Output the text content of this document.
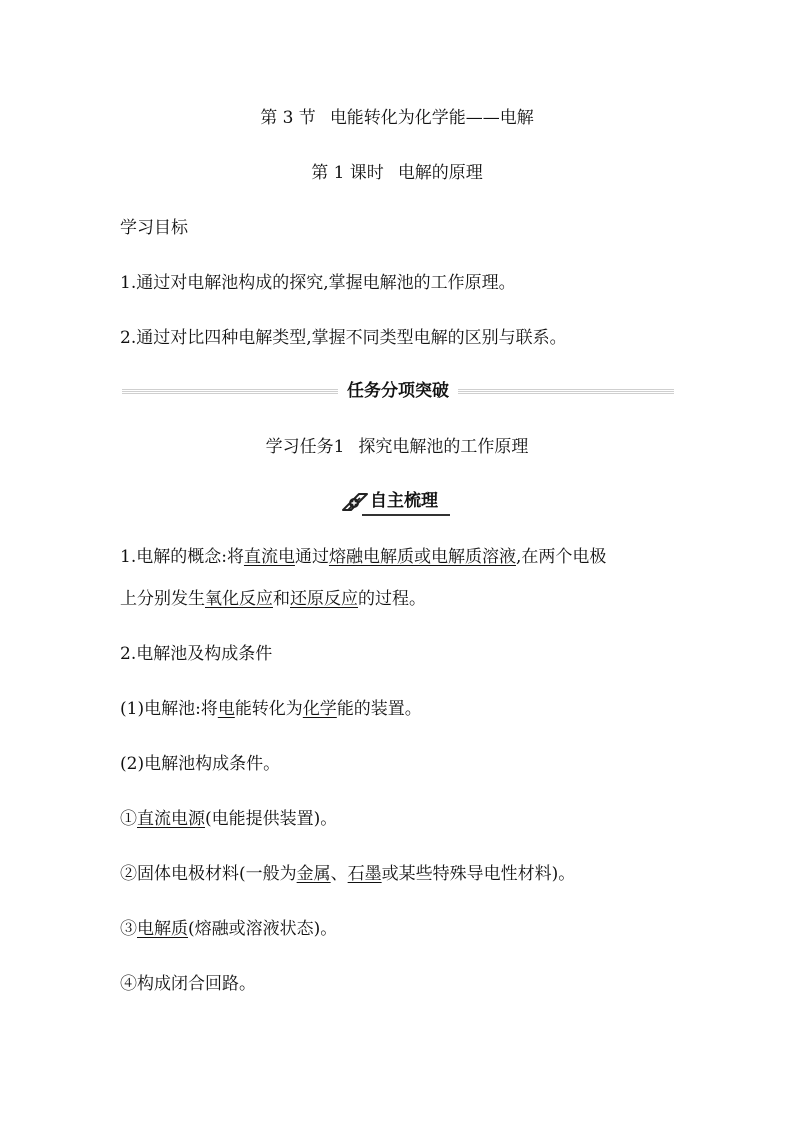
第 3 节 电能转化为化学能——电解
第 1 课时 电解的原理
学习目标
1.通过对电解池构成的探究,掌握电解池的工作原理。
2.通过对比四种电解类型,掌握不同类型电解的区别与联系。
任务分项突破
学习任务1 探究电解池的工作原理
自主梳理
1.电解的概念:将直流电通过熔融电解质或电解质溶液,在两个电极
上分别发生氧化反应和还原反应的过程。
2.电解池及构成条件
(1)电解池:将电能转化为化学能的装置。
(2)电解池构成条件。
①直流电源(电能提供装置)。
②固体电极材料(一般为金属、石墨或某些特殊导电性材料)。
③电解质(熔融或溶液状态)。
④构成闭合回路。
